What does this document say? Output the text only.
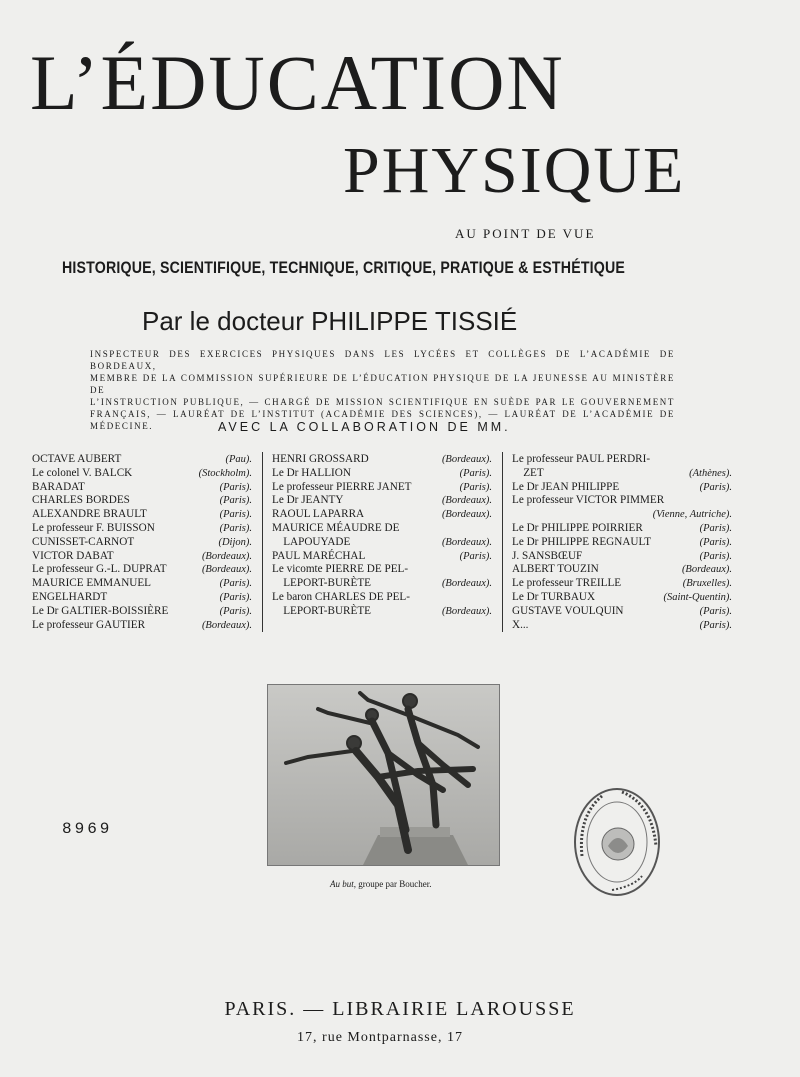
L’ÉDUCATION
PHYSIQUE
AU POINT DE VUE
HISTORIQUE, SCIENTIFIQUE, TECHNIQUE, CRITIQUE, PRATIQUE & ESTHÉTIQUE
Par le docteur PHILIPPE TISSIÉ
INSPECTEUR DES EXERCICES PHYSIQUES DANS LES LYCÉES ET COLLÈGES DE L’ACADÉMIE DE BORDEAUX,
MEMBRE DE LA COMMISSION SUPÉRIEURE DE L’ÉDUCATION PHYSIQUE DE LA JEUNESSE AU MINISTÈRE DE
L’INSTRUCTION PUBLIQUE, — CHARGÉ DE MISSION SCIENTIFIQUE EN SUÈDE PAR LE GOUVERNEMENT
FRANÇAIS, — LAURÉAT DE L’INSTITUT (ACADÉMIE DES SCIENCES), — LAURÉAT DE L’ACADÉMIE DE MÉDECINE.	AVEC LA COLLABORATION DE MM.
OCTAVE AUBERT	(Pau).
Le colonel V. BALCK	(Stockholm).
BARADAT	(Paris).
CHARLES BORDES	(Paris).
ALEXANDRE BRAULT	(Paris).
Le professeur F. BUISSON	(Paris).
CUNISSET-CARNOT	(Dijon).
VICTOR DABAT	(Bordeaux).
Le professeur G.-L. DUPRAT	(Bordeaux).
MAURICE EMMANUEL	(Paris).
ENGELHARDT	(Paris).
Le Dr GALTIER-BOISSIÈRE	(Paris).
Le professeur GAUTIER	(Bordeaux).
HENRI GROSSARD	(Bordeaux).
Le Dr HALLION	(Paris).
Le professeur PIERRE JANET	(Paris).
Le Dr JEANTY	(Bordeaux).
RAOUL LAPARRA	(Bordeaux).
MAURICE MÉAUDRE DE
LAPOUYADE	(Bordeaux).
PAUL MARÉCHAL	(Paris).
Le vicomte PIERRE DE PEL-
LEPORT-BURÈTE	(Bordeaux).
Le baron CHARLES DE PEL-
LEPORT-BURÈTE	(Bordeaux).
Le professeur PAUL PERDRI-
ZET	(Athènes).
Le Dr JEAN PHILIPPE	(Paris).
Le professeur VICTOR PIMMER
(Vienne, Autriche).
Le Dr PHILIPPE POIRRIER	(Paris).
Le Dr PHILIPPE REGNAULT	(Paris).
J. SANSBŒUF	(Paris).
ALBERT TOUZIN	(Bordeaux).
Le professeur TREILLE	(Bruxelles).
Le Dr TURBAUX	(Saint-Quentin).
GUSTAVE VOULQUIN	(Paris).
X...	(Paris).
Au but, groupe par Boucher.
8969
PARIS. — LIBRAIRIE LAROUSSE
17, rue Montparnasse, 17
